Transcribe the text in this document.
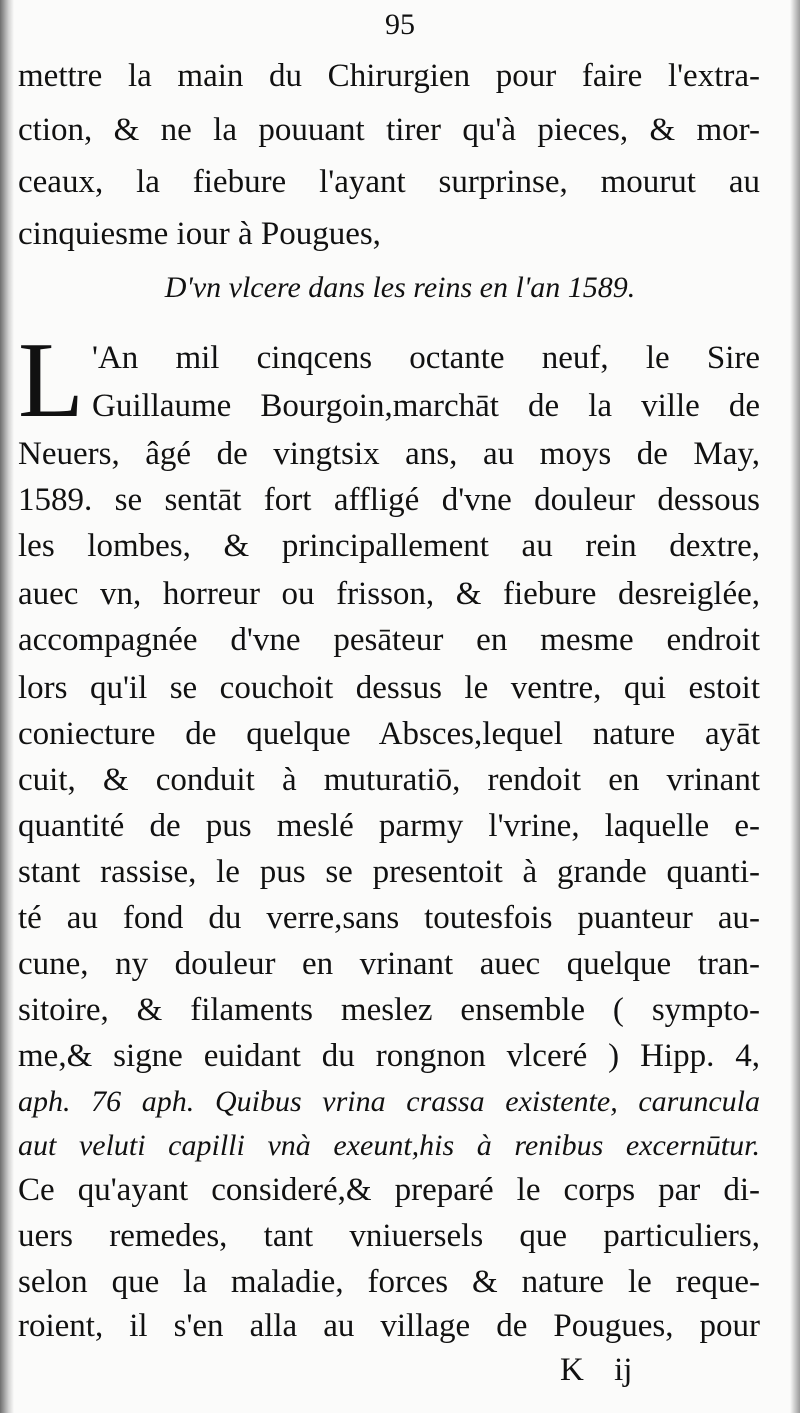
95
mettre la main du Chirurgien pour faire l'extra-
ction, & ne la pouuant tirer qu'à pieces, & mor-
ceaux, la fiebure l'ayant surprinse, mourut au
cinquiesme iour à Pougues,
D'vn vlcere dans les reins en l'an 1589.
L 'An mil cinqcens octante neuf, le Sire
Guillaume Bourgoin,marchāt de la ville de
Neuers, âgé de vingtsix ans, au moys de May,
1589. se sentāt fort affligé d'vne douleur dessous
les lombes, & principallement au rein dextre,
auec vn, horreur ou frisson, & fiebure desreiglée,
accompagnée d'vne pesāteur en mesme endroit
lors qu'il se couchoit dessus le ventre, qui estoit
coniecture de quelque Absces,lequel nature ayāt
cuit, & conduit à muturatiō, rendoit en vrinant
quantité de pus meslé parmy l'vrine, laquelle e-
stant rassise, le pus se presentoit à grande quanti-
té au fond du verre,sans toutesfois puanteur au-
cune, ny douleur en vrinant auec quelque tran-
sitoire, & filaments meslez ensemble ( sympto-
me,& signe euidant du rongnon vlceré ) Hipp. 4,
aph. 76 aph. Quibus vrina crassa existente, caruncula
aut veluti capilli vnà exeunt,his à renibus excernūtur.
Ce qu'ayant consideré,& preparé le corps par di-
uers remedes, tant vniuersels que particuliers,
selon que la maladie, forces & nature le reque-
roient, il s'en alla au village de Pougues, pour
K ij
